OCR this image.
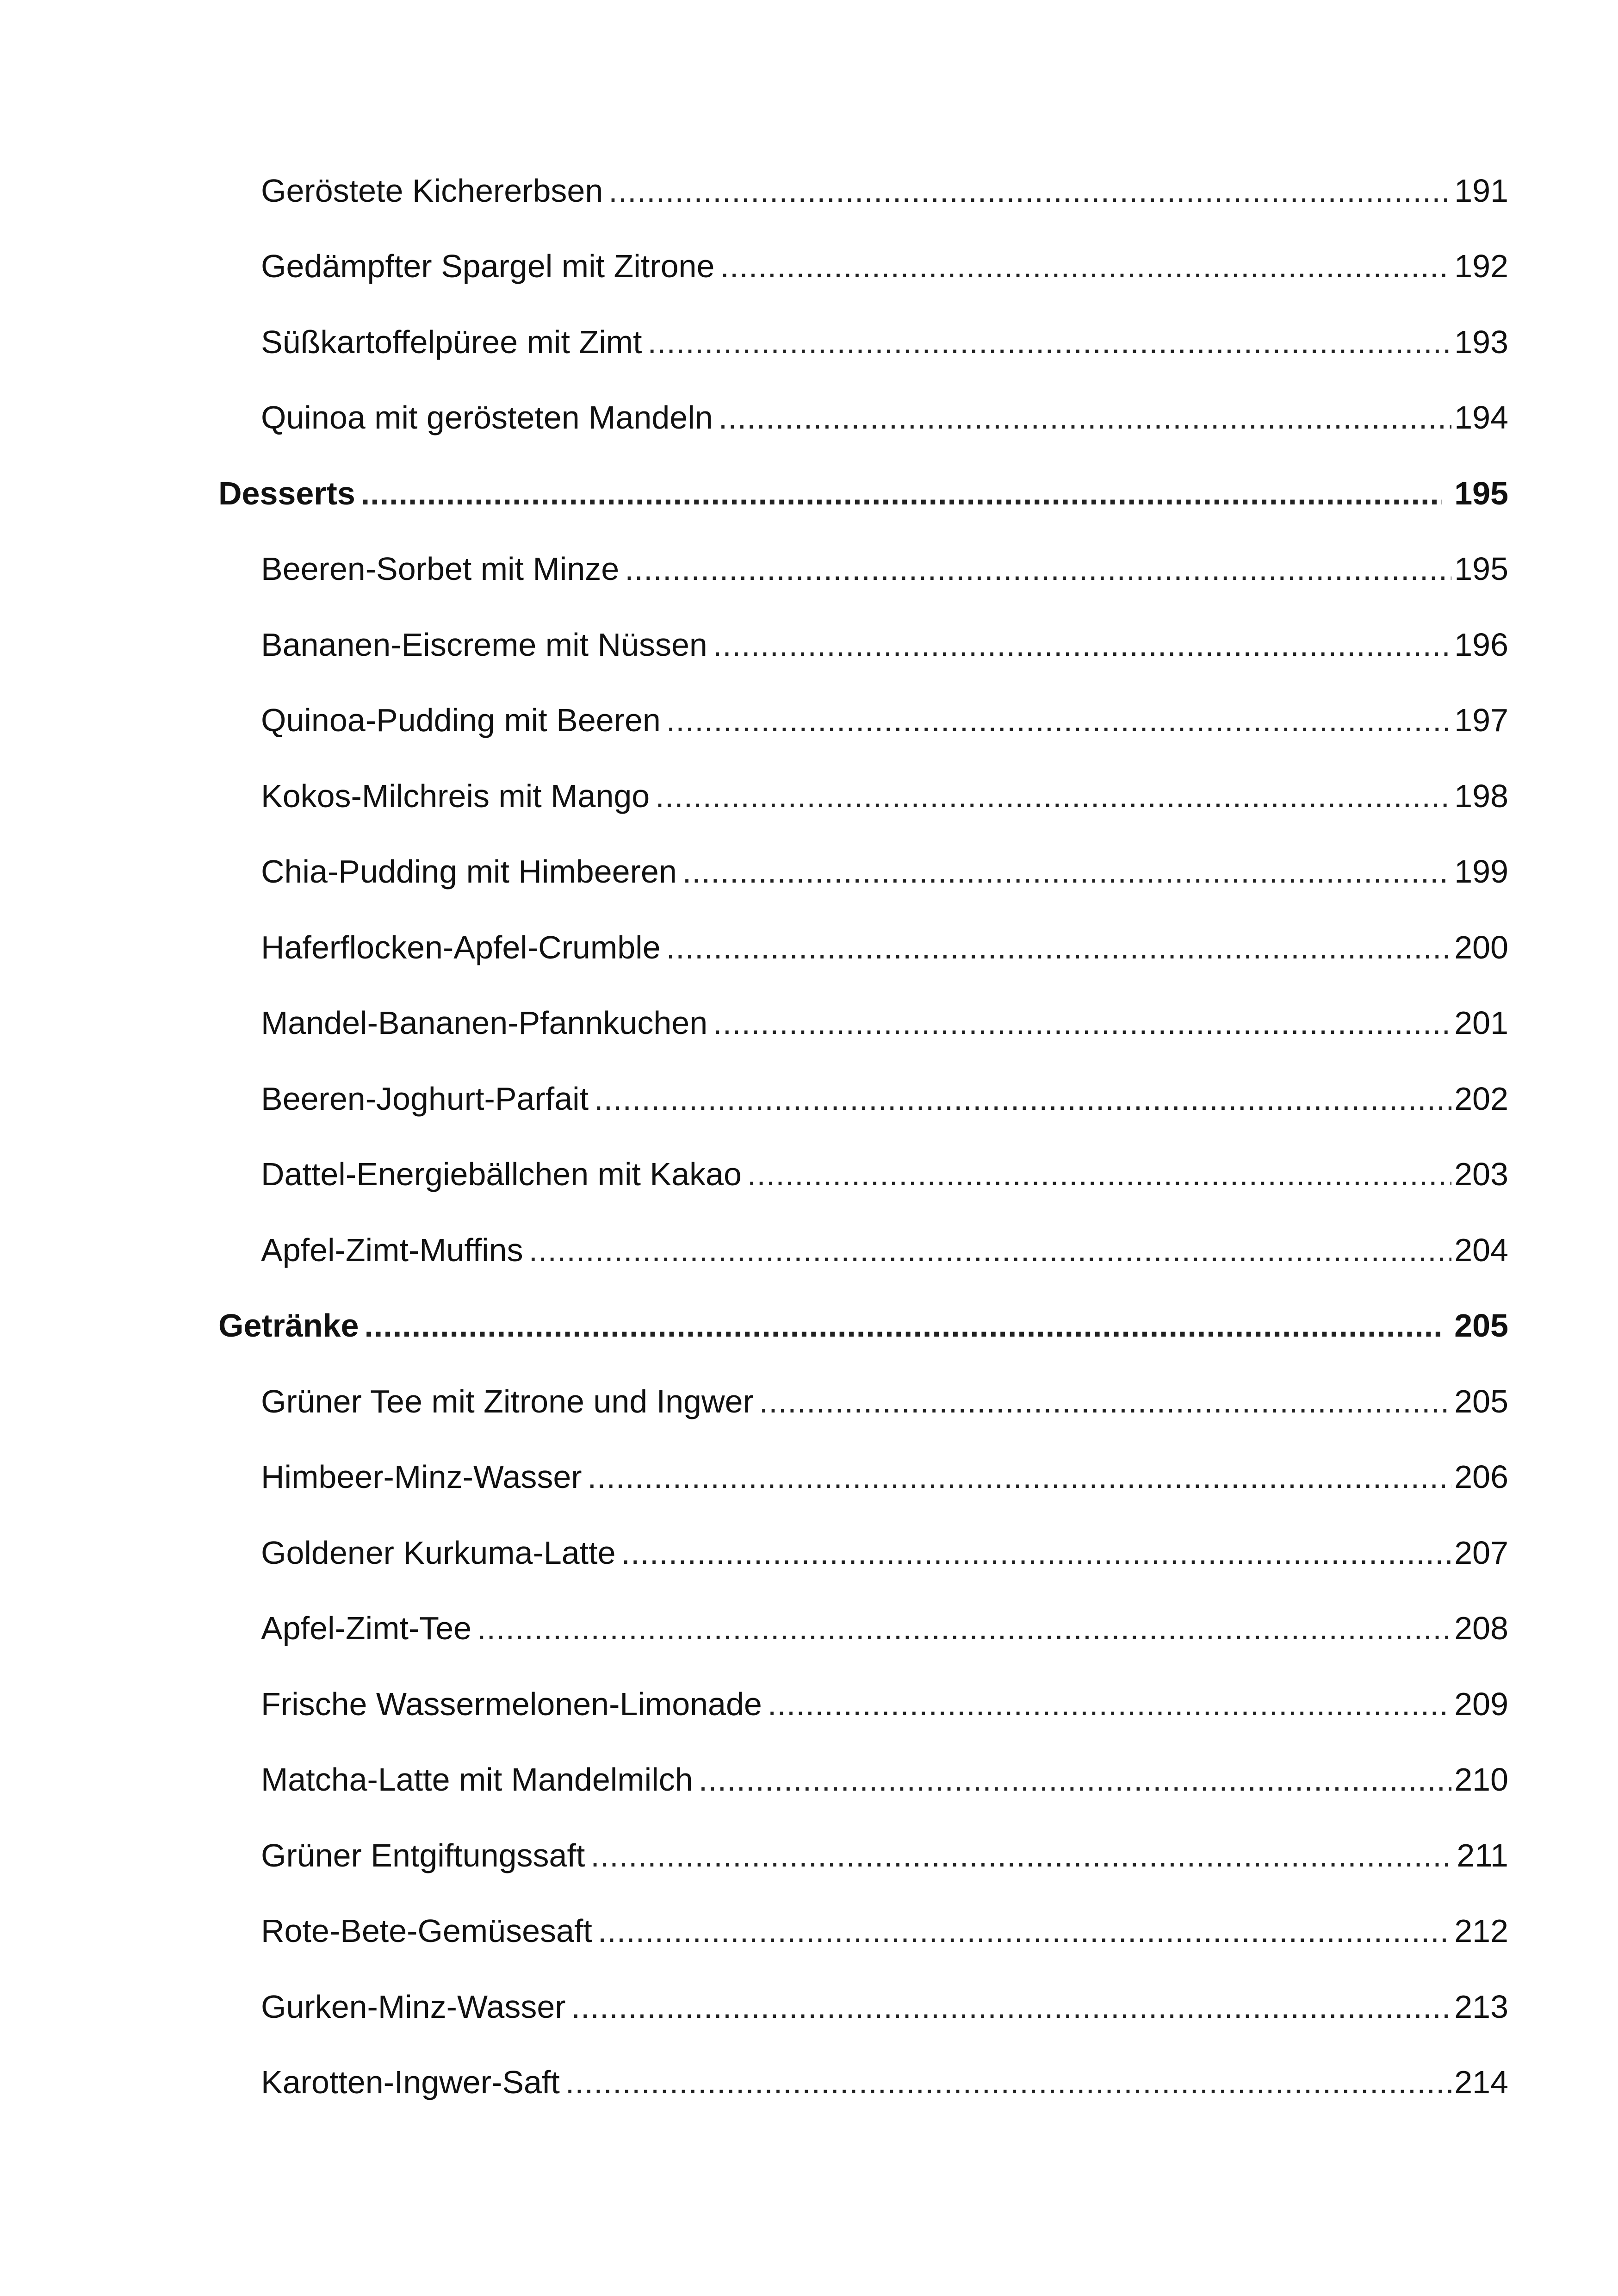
Geröstete Kichererbsen .....	191
Gedämpfter Spargel mit Zitrone .....	192
Süßkartoffelpüree mit Zimt .....	193
Quinoa mit gerösteten Mandeln .....	194
Desserts .....	195
Beeren-Sorbet mit Minze .....	195
Bananen-Eiscreme mit Nüssen .....	196
Quinoa-Pudding mit Beeren .....	197
Kokos-Milchreis mit Mango .....	198
Chia-Pudding mit Himbeeren .....	199
Haferflocken-Apfel-Crumble .....	200
Mandel-Bananen-Pfannkuchen .....	201
Beeren-Joghurt-Parfait .....	202
Dattel-Energiebällchen mit Kakao .....	203
Apfel-Zimt-Muffins .....	204
Getränke .....	205
Grüner Tee mit Zitrone und Ingwer .....	205
Himbeer-Minz-Wasser .....	206
Goldener Kurkuma-Latte .....	207
Apfel-Zimt-Tee .....	208
Frische Wassermelonen-Limonade .....	209
Matcha-Latte mit Mandelmilch .....	210
Grüner Entgiftungssaft .....	211
Rote-Bete-Gemüsesaft .....	212
Gurken-Minz-Wasser .....	213
Karotten-Ingwer-Saft .....	214
